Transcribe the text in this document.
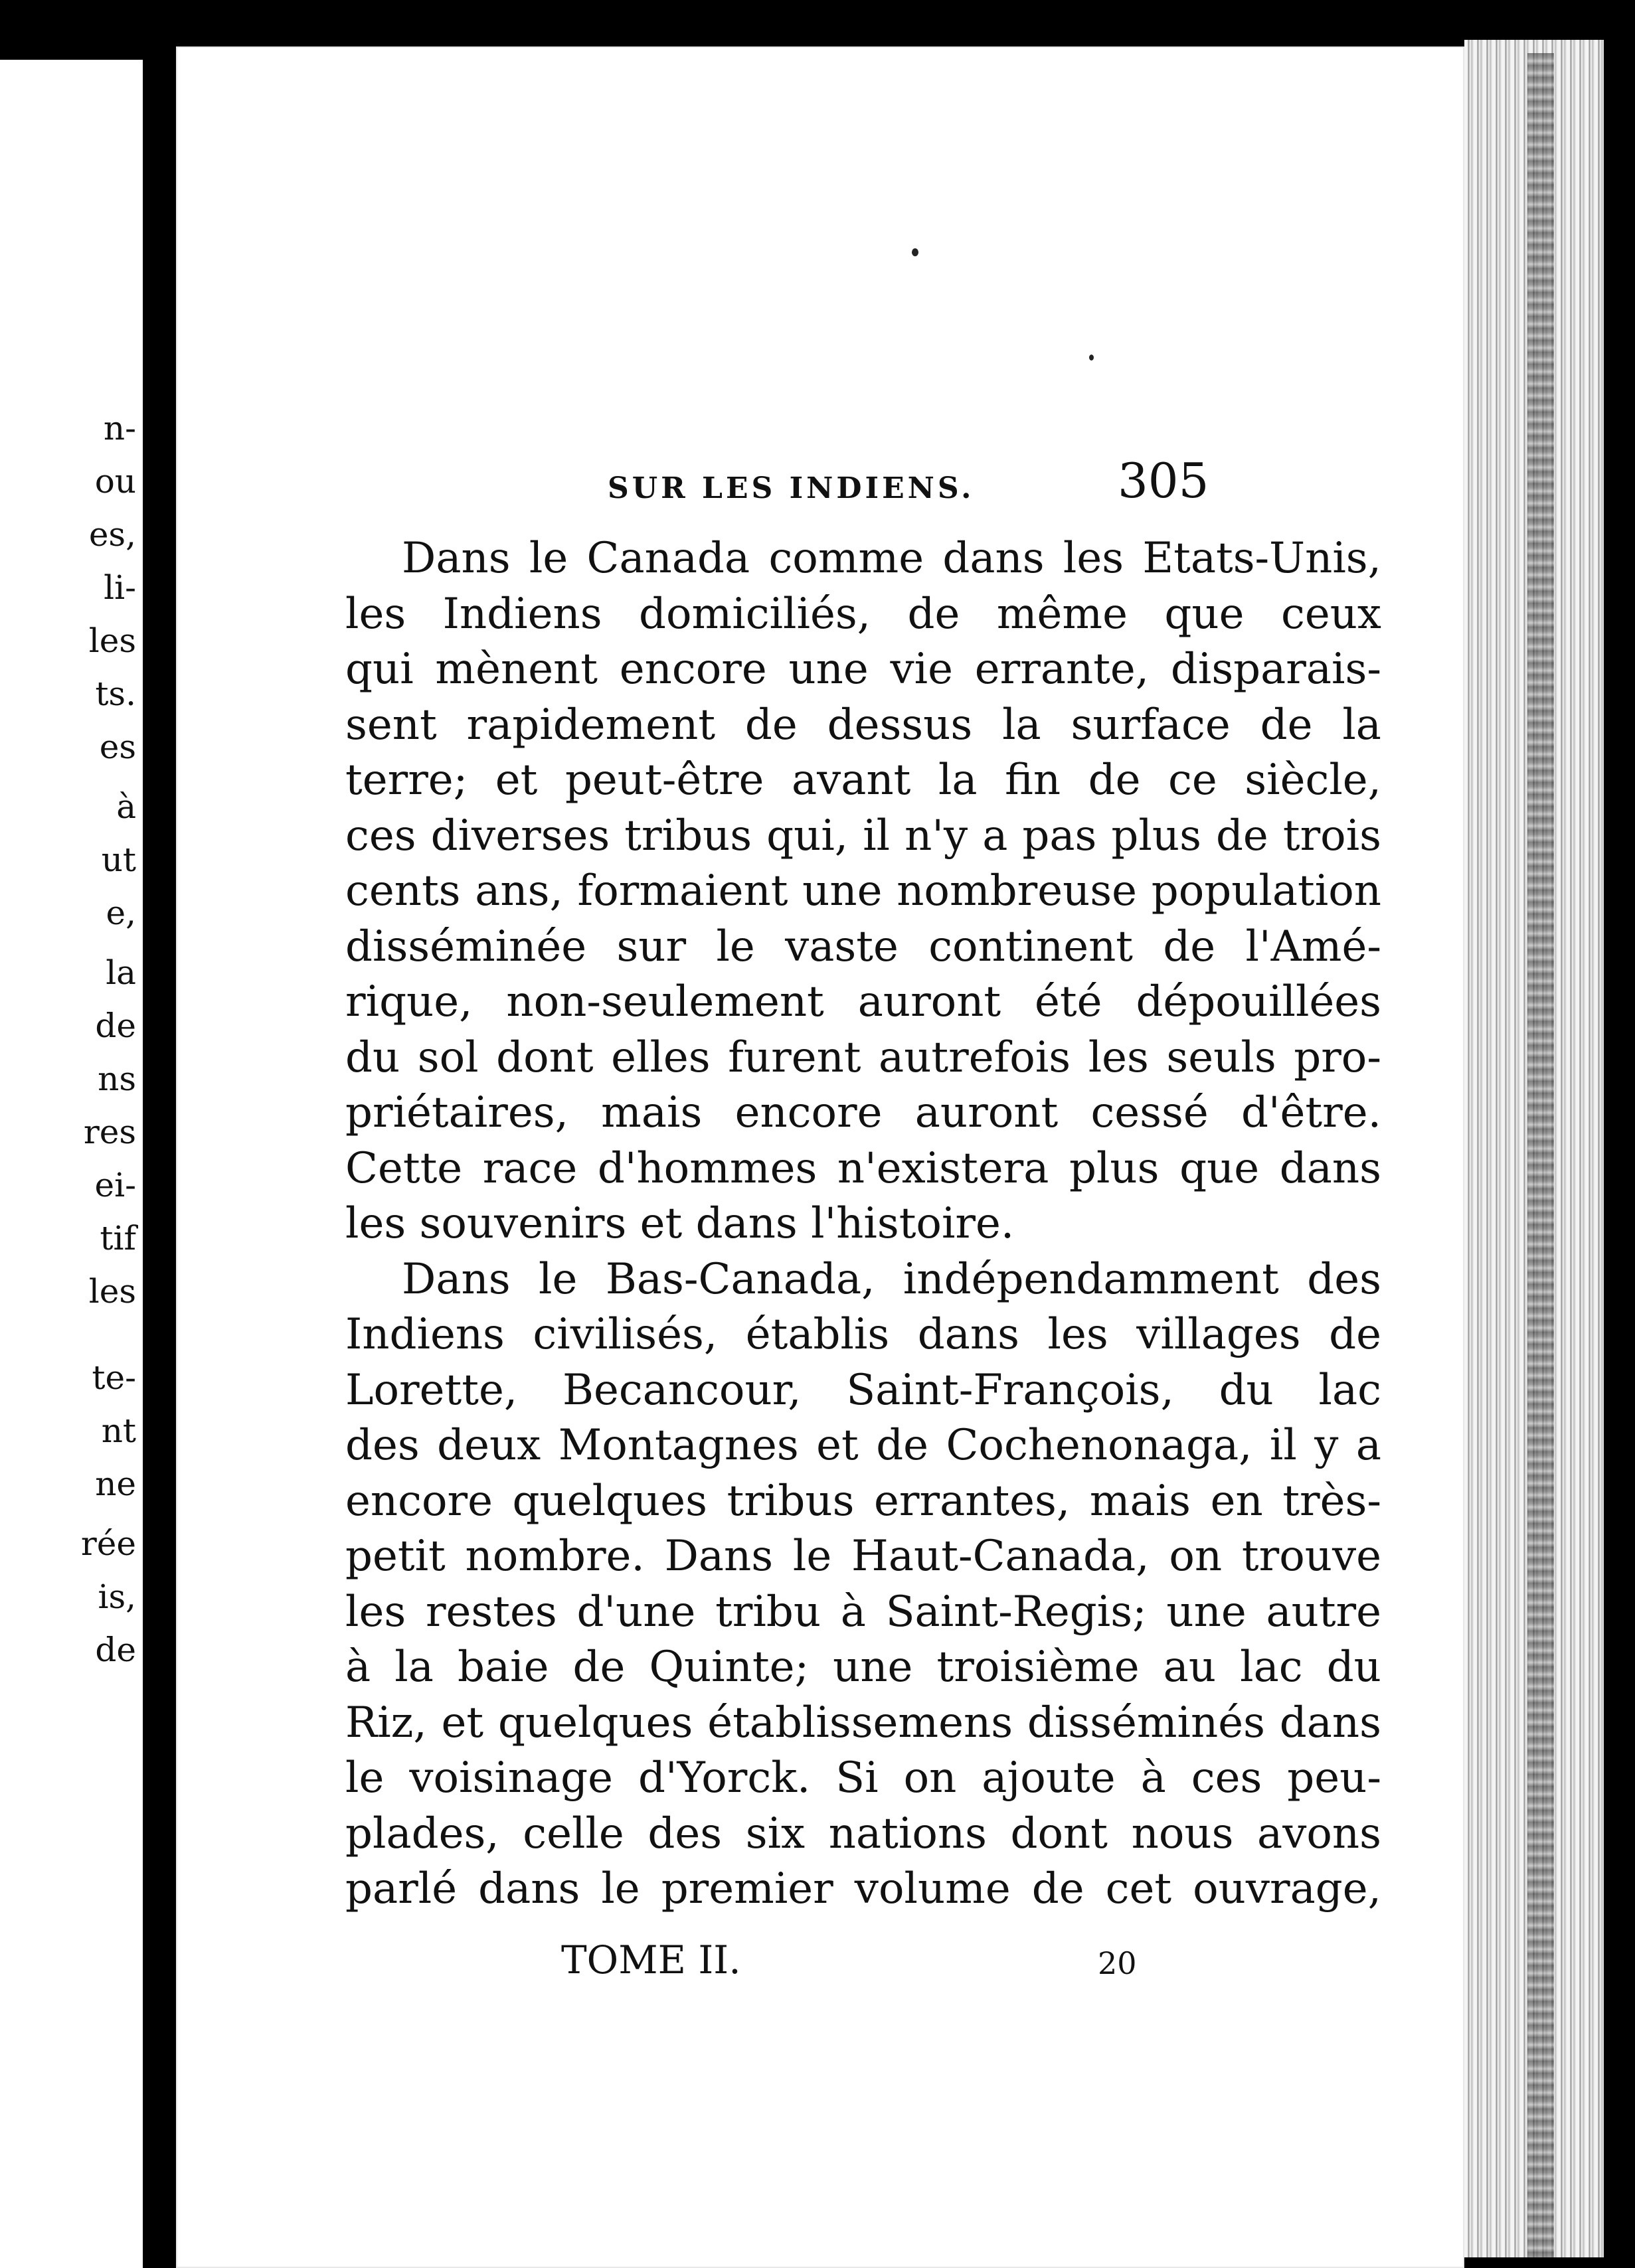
n-
ou
es,
li-
les
ts.
es
à
ut
e,
la
de
ns
res
ei-
tif
les
te-
nt
ne
rée
is,
de
SUR LES INDIENS.	305
Dans le Canada comme dans les Etats-Unis,
les Indiens domiciliés, de même que ceux
qui mènent encore une vie errante, disparais-
sent rapidement de dessus la surface de la
terre; et peut-être avant la fin de ce siècle,
ces diverses tribus qui, il n'y a pas plus de trois
cents ans, formaient une nombreuse population
disséminée sur le vaste continent de l'Amé-
rique, non-seulement auront été dépouillées
du sol dont elles furent autrefois les seuls pro-
priétaires, mais encore auront cessé d'être.
Cette race d'hommes n'existera plus que dans
les souvenirs et dans l'histoire.
Dans le Bas-Canada, indépendamment des
Indiens civilisés, établis dans les villages de
Lorette, Becancour, Saint-François, du lac
des deux Montagnes et de Cochenonaga, il y a
encore quelques tribus errantes, mais en très-
petit nombre. Dans le Haut-Canada, on trouve
les restes d'une tribu à Saint-Regis; une autre
à la baie de Quinte; une troisième au lac du
Riz, et quelques établissemens disséminés dans
le voisinage d'Yorck. Si on ajoute à ces peu-
plades, celle des six nations dont nous avons
parlé dans le premier volume de cet ouvrage,
TOME II.	20
